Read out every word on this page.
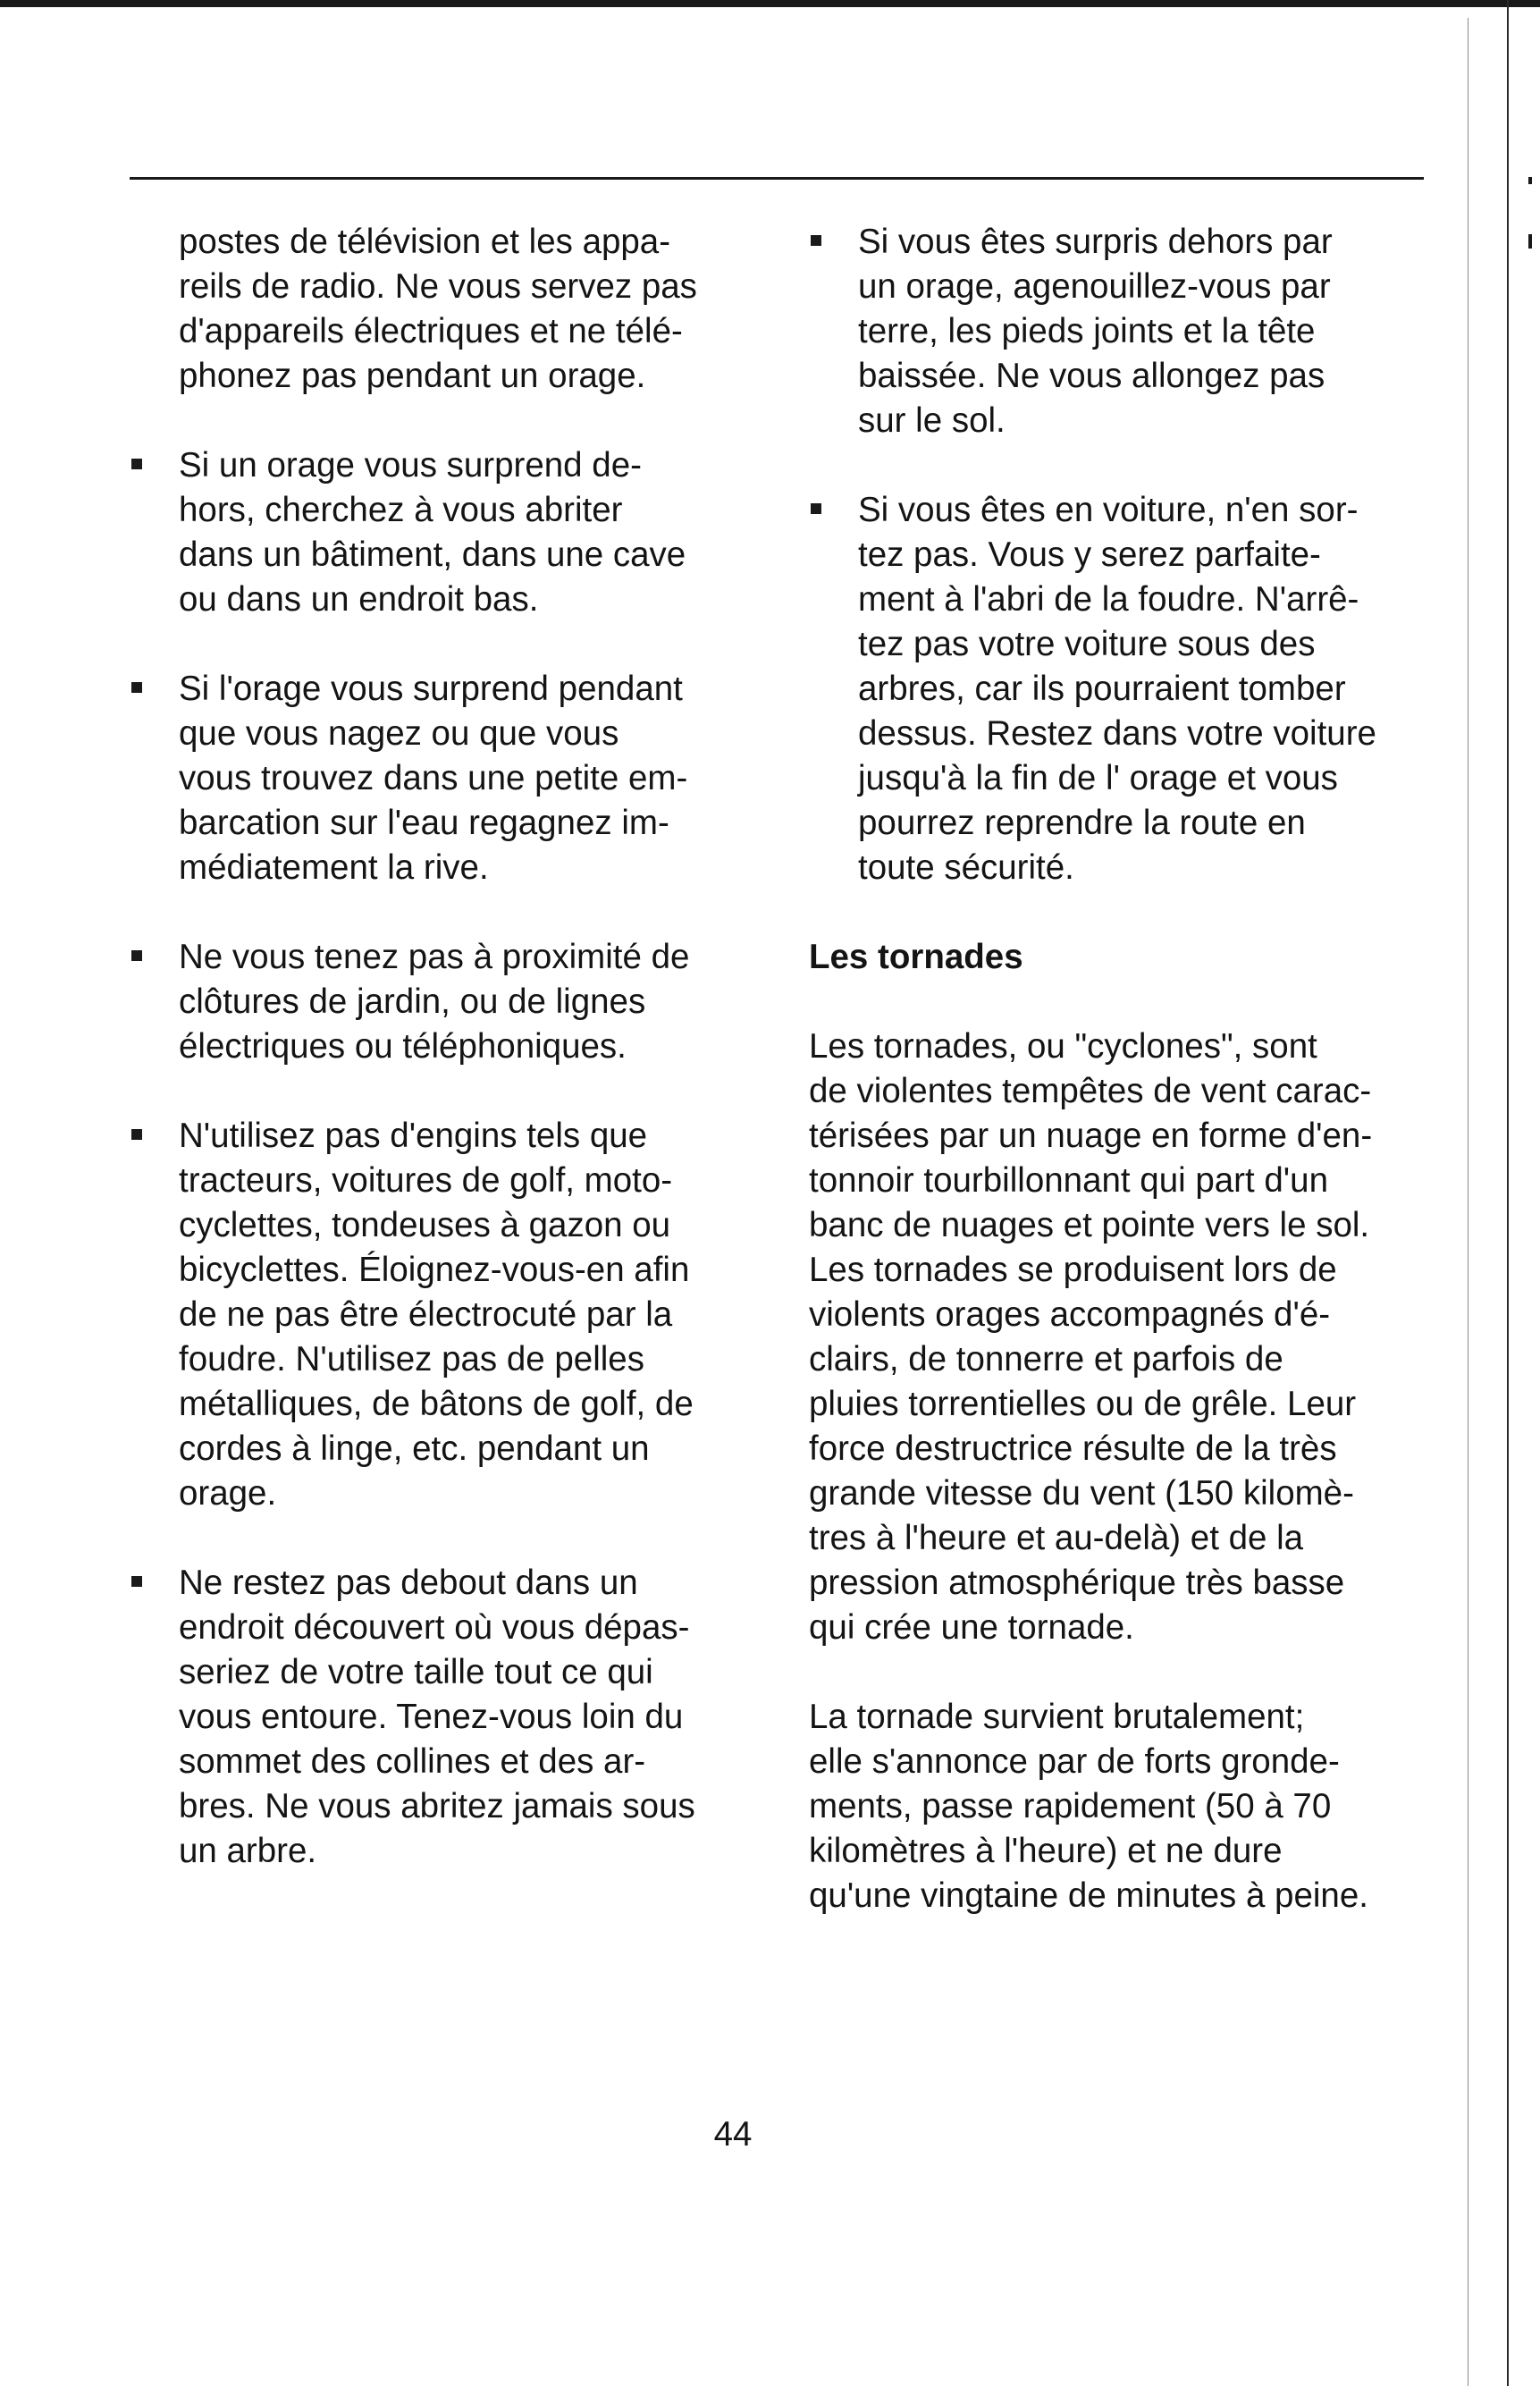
postes de télévision et les appa-
reils de radio. Ne vous servez pas
d'appareils électriques et ne télé-
phonez pas pendant un orage.

Si un orage vous surprend de-
hors, cherchez à vous abriter
dans un bâtiment, dans une cave
ou dans un endroit bas.

Si l'orage vous surprend pendant
que vous nagez ou que vous
vous trouvez dans une petite em-
barcation sur l'eau regagnez im-
médiatement la rive.

Ne vous tenez pas à proximité de
clôtures de jardin, ou de lignes
électriques ou téléphoniques.

N'utilisez pas d'engins tels que
tracteurs, voitures de golf, moto-
cyclettes, tondeuses à gazon ou
bicyclettes. Éloignez-vous-en afin
de ne pas être électrocuté par la
foudre. N'utilisez pas de pelles
métalliques, de bâtons de golf, de
cordes à linge, etc. pendant un
orage.

Ne restez pas debout dans un
endroit découvert où vous dépas-
seriez de votre taille tout ce qui
vous entoure. Tenez-vous loin du
sommet des collines et des ar-
bres. Ne vous abritez jamais sous
un arbre.

Si vous êtes surpris dehors par
un orage, agenouillez-vous par
terre, les pieds joints et la tête
baissée. Ne vous allongez pas
sur le sol.

Si vous êtes en voiture, n'en sor-
tez pas. Vous y serez parfaite-
ment à l'abri de la foudre. N'arrê-
tez pas votre voiture sous des
arbres, car ils pourraient tomber
dessus. Restez dans votre voiture
jusqu'à la fin de l' orage et vous
pourrez reprendre la route en
toute sécurité.

Les tornades

Les tornades, ou "cyclones", sont
de violentes tempêtes de vent carac-
térisées par un nuage en forme d'en-
tonnoir tourbillonnant qui part d'un
banc de nuages et pointe vers le sol.
Les tornades se produisent lors de
violents orages accompagnés d'é-
clairs, de tonnerre et parfois de
pluies torrentielles ou de grêle. Leur
force destructrice résulte de la très
grande vitesse du vent (150 kilomè-
tres à l'heure et au-delà) et de la
pression atmosphérique très basse
qui crée une tornade.

La tornade survient brutalement;
elle s'annonce par de forts gronde-
ments, passe rapidement (50 à 70
kilomètres à l'heure) et ne dure
qu'une vingtaine de minutes à peine.

44
